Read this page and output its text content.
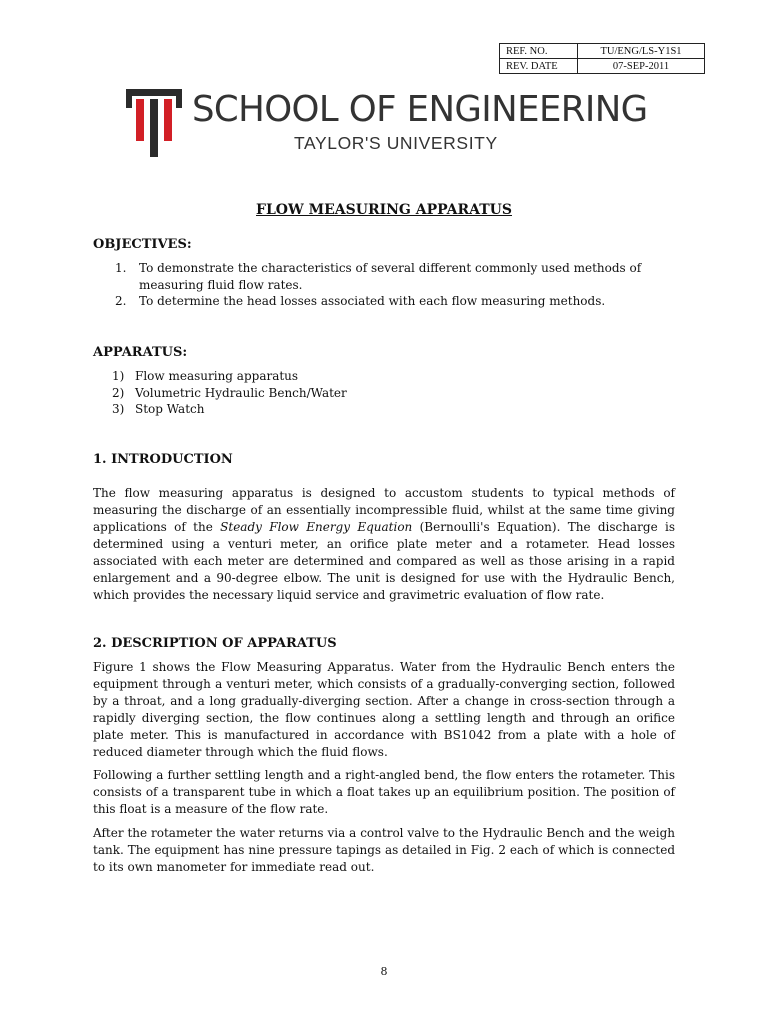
REF. NO.	TU/ENG/LS-Y1S1
REV. DATE	07-SEP-2011
SCHOOL OF ENGINEERING
TAYLOR'S UNIVERSITY
FLOW MEASURING APPARATUS
OBJECTIVES:
1. To demonstrate the characteristics of several different commonly used methods of measuring fluid flow rates.
2. To determine the head losses associated with each flow measuring methods.
APPARATUS:
1) Flow measuring apparatus
2) Volumetric Hydraulic Bench/Water
3) Stop Watch
1. INTRODUCTION

The flow measuring apparatus is designed to accustom students to typical methods of measuring the discharge of an essentially incompressible fluid, whilst at the same time giving applications of the Steady Flow Energy Equation (Bernoulli's Equation). The discharge is determined using a venturi meter, an orifice plate meter and a rotameter. Head losses associated with each meter are determined and compared as well as those arising in a rapid enlargement and a 90-degree elbow. The unit is designed for use with the Hydraulic Bench, which provides the necessary liquid service and gravimetric evaluation of flow rate.

2. DESCRIPTION OF APPARATUS

Figure 1 shows the Flow Measuring Apparatus. Water from the Hydraulic Bench enters the equipment through a venturi meter, which consists of a gradually-converging section, followed by a throat, and a long gradually-diverging section. After a change in cross-section through a rapidly diverging section, the flow continues along a settling length and through an orifice plate meter. This is manufactured in accordance with BS1042 from a plate with a hole of reduced diameter through which the fluid flows.

Following a further settling length and a right-angled bend, the flow enters the rotameter. This consists of a transparent tube in which a float takes up an equilibrium position. The position of this float is a measure of the flow rate.

After the rotameter the water returns via a control valve to the Hydraulic Bench and the weigh tank. The equipment has nine pressure tapings as detailed in Fig. 2 each of which is connected to its own manometer for immediate read out.

8
